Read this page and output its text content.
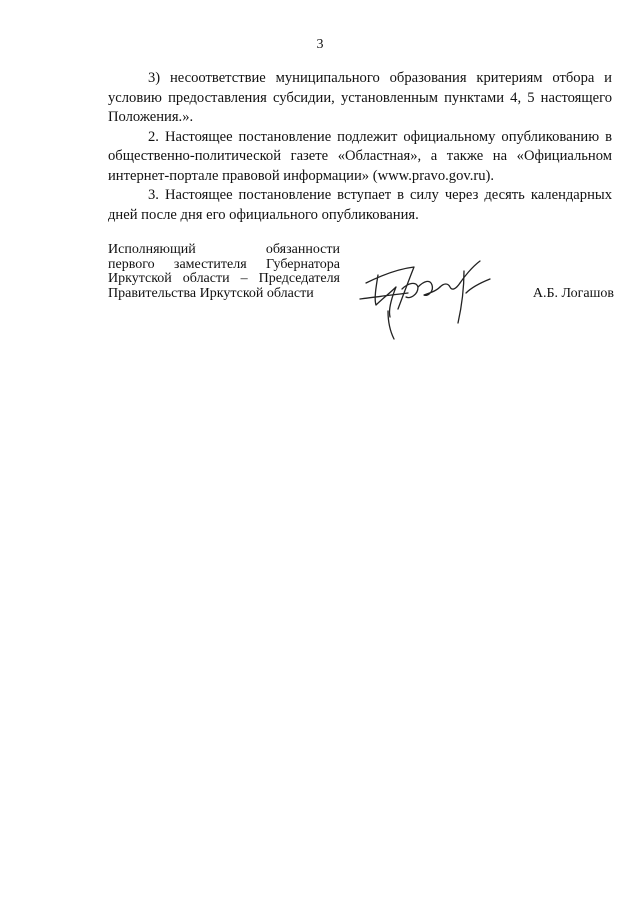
3

3) несоответствие муниципального образования критериям отбора и условию предоставления субсидии, установленным пунктами 4, 5 настоящего Положения.».

2. Настоящее постановление подлежит официальному опубликованию в общественно-политической газете «Областная», а также на «Официальном интернет-портале правовой информации» (www.pravo.gov.ru).

3. Настоящее постановление вступает в силу через десять календарных дней после дня его официального опубликования.

Исполняющий обязанности
первого заместителя Губернатора
Иркутской области – Председателя
Правительства Иркутской области	А.Б. Логашов
